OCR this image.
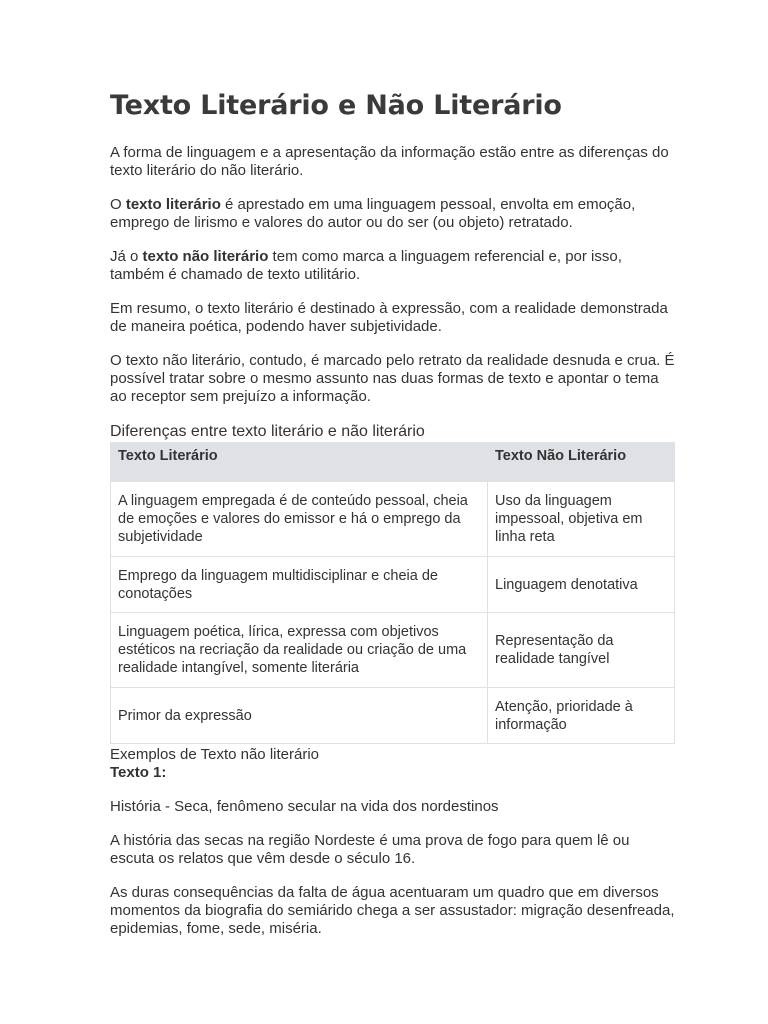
Texto Literário e Não Literário

A forma de linguagem e a apresentação da informação estão entre as diferenças do texto literário do não literário.

O texto literário é aprestado em uma linguagem pessoal, envolta em emoção, emprego de lirismo e valores do autor ou do ser (ou objeto) retratado.

Já o texto não literário tem como marca a linguagem referencial e, por isso, também é chamado de texto utilitário.

Em resumo, o texto literário é destinado à expressão, com a realidade demonstrada de maneira poética, podendo haver subjetividade.

O texto não literário, contudo, é marcado pelo retrato da realidade desnuda e crua. É possível tratar sobre o mesmo assunto nas duas formas de texto e apontar o tema ao receptor sem prejuízo a informação.

Diferenças entre texto literário e não literário
Texto Literário	Texto Não Literário
A linguagem empregada é de conteúdo pessoal, cheia de emoções e valores do emissor e há o emprego da subjetividade	Uso da linguagem impessoal, objetiva em linha reta
Emprego da linguagem multidisciplinar e cheia de conotações	Linguagem denotativa
Linguagem poética, lírica, expressa com objetivos estéticos na recriação da realidade ou criação de uma realidade intangível, somente literária	Representação da realidade tangível
Primor da expressão	Atenção, prioridade à informação
Exemplos de Texto não literário
Texto 1:

História - Seca, fenômeno secular na vida dos nordestinos

A história das secas na região Nordeste é uma prova de fogo para quem lê ou escuta os relatos que vêm desde o século 16.

As duras consequências da falta de água acentuaram um quadro que em diversos momentos da biografia do semiárido chega a ser assustador: migração desenfreada, epidemias, fome, sede, miséria.
